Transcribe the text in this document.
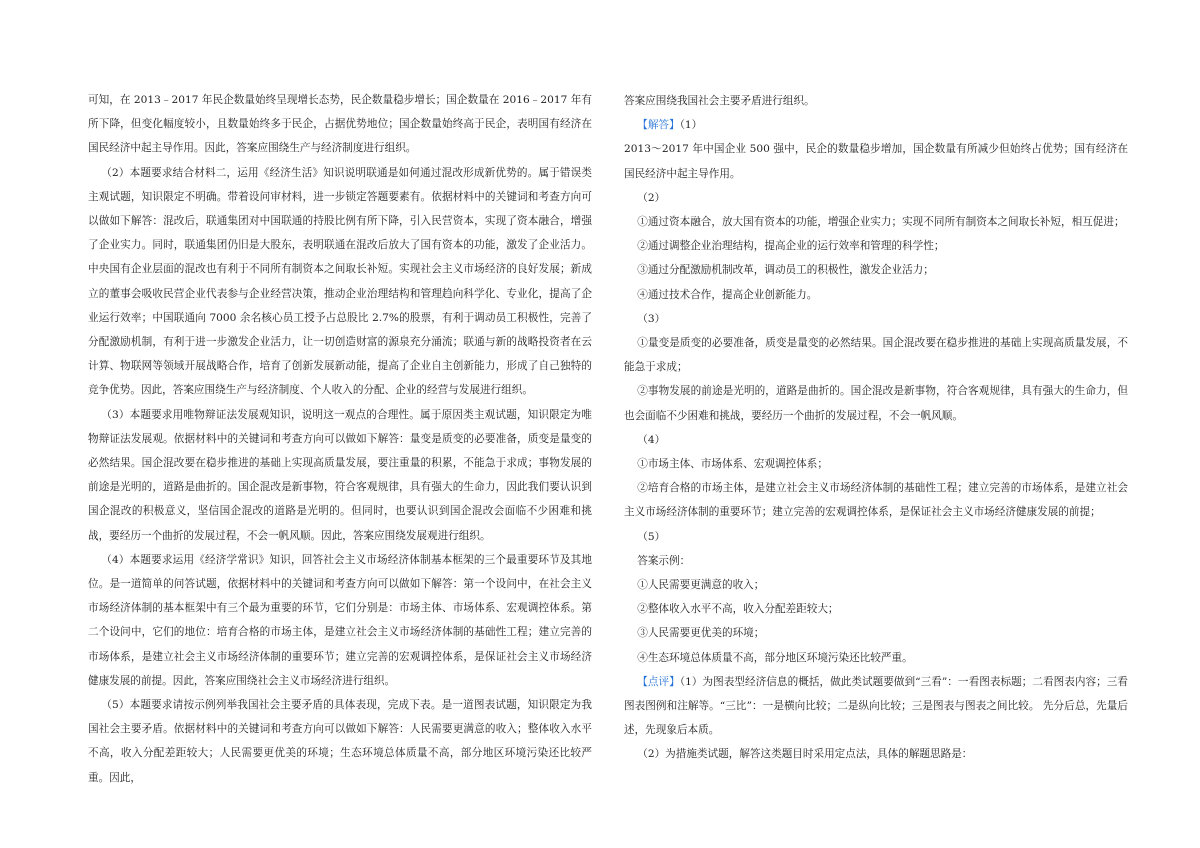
可知，在 2013﹣2017 年民企数量始终呈现增长态势，民企数量稳步增长；国企数量在 2016﹣2017 年有所下降，但变化幅度较小，且数量始终多于民企，占据优势地位；国企数量始终高于民企，表明国有经济在国民经济中起主导作用。因此，答案应围绕生产与经济制度进行组织。

（2）本题要求结合材料二，运用《经济生活》知识说明联通是如何通过混改形成新优势的。属于错误类主观试题，知识限定不明确。带着设问审材料，进一步锁定答题要素有。依据材料中的关键词和考查方向可以做如下解答：混改后，联通集团对中国联通的持股比例有所下降，引入民营资本，实现了资本融合，增强了企业实力。同时，联通集团仍旧是大股东，表明联通在混改后放大了国有资本的功能，激发了企业活力。中央国有企业层面的混改也有利于不同所有制资本之间取长补短。实现社会主义市场经济的良好发展；新成立的董事会吸收民营企业代表参与企业经营决策，推动企业治理结构和管理趋向科学化、专业化，提高了企业运行效率；中国联通向 7000 余名核心员工授予占总股比 2.7%的股票，有利于调动员工积极性，完善了分配激励机制，有利于进一步激发企业活力，让一切创造财富的源泉充分涌流；联通与新的战略投资者在云计算、物联网等领域开展战略合作，培育了创新发展新动能，提高了企业自主创新能力，形成了自己独特的竞争优势。因此，答案应围绕生产与经济制度、个人收入的分配、企业的经营与发展进行组织。

（3）本题要求用唯物辩证法发展观知识，说明这一观点的合理性。属于原因类主观试题，知识限定为唯物辩证法发展观。依据材料中的关键词和考查方向可以做如下解答：量变是质变的必要准备，质变是量变的必然结果。国企混改要在稳步推进的基础上实现高质量发展，要注重量的积累，不能急于求成；事物发展的前途是光明的，道路是曲折的。国企混改是新事物，符合客观规律，具有强大的生命力，因此我们要认识到国企混改的积极意义，坚信国企混改的道路是光明的。但同时，也要认识到国企混改会面临不少困难和挑战，要经历一个曲折的发展过程，不会一帆风顺。因此，答案应围绕发展观进行组织。

（4）本题要求运用《经济学常识》知识，回答社会主义市场经济体制基本框架的三个最重要环节及其地位。是一道简单的问答试题，依据材料中的关键词和考查方向可以做如下解答：第一个设问中，在社会主义市场经济体制的基本框架中有三个最为重要的环节，它们分别是：市场主体、市场体系、宏观调控体系。第二个设问中，它们的地位：培育合格的市场主体，是建立社会主义市场经济体制的基础性工程；建立完善的市场体系，是建立社会主义市场经济体制的重要环节；建立完善的宏观调控体系，是保证社会主义市场经济健康发展的前提。因此，答案应围绕社会主义市场经济进行组织。

（5）本题要求请按示例列举我国社会主要矛盾的具体表现，完成下表。是一道图表试题，知识限定为我国社会主要矛盾。依据材料中的关键词和考查方向可以做如下解答：人民需要更满意的收入；整体收入水平不高，收入分配差距较大；人民需要更优美的环境；生态环境总体质量不高，部分地区环境污染还比较严重。因此，

答案应围绕我国社会主要矛盾进行组织。

【解答】（1）

2013～2017 年中国企业 500 强中，民企的数量稳步增加，国企数量有所减少但始终占优势；国有经济在国民经济中起主导作用。

（2）

①通过资本融合，放大国有资本的功能，增强企业实力；实现不同所有制资本之间取长补短，相互促进；

②通过调整企业治理结构，提高企业的运行效率和管理的科学性；

③通过分配激励机制改革，调动员工的积极性，激发企业活力；

④通过技术合作，提高企业创新能力。

（3）

①量变是质变的必要准备，质变是量变的必然结果。国企混改要在稳步推进的基础上实现高质量发展，不能急于求成；

②事物发展的前途是光明的，道路是曲折的。国企混改是新事物，符合客观规律，具有强大的生命力，但也会面临不少困难和挑战，要经历一个曲折的发展过程，不会一帆风顺。

（4）

①市场主体、市场体系、宏观调控体系；

②培育合格的市场主体，是建立社会主义市场经济体制的基础性工程；建立完善的市场体系，是建立社会主义市场经济体制的重要环节；建立完善的宏观调控体系，是保证社会主义市场经济健康发展的前提；

（5）

答案示例：

①人民需要更满意的收入；

②整体收入水平不高，收入分配差距较大；

③人民需要更优美的环境；

④生态环境总体质量不高，部分地区环境污染还比较严重。

【点评】（1）为图表型经济信息的概括，做此类试题要做到“三看”：一看图表标题；二看图表内容；三看图表图例和注解等。“三比”：一是横向比较；二是纵向比较；三是图表与图表之间比较。 先分后总，先量后述，先现象后本质。

（2）为措施类试题，解答这类题目时采用定点法，具体的解题思路是：
